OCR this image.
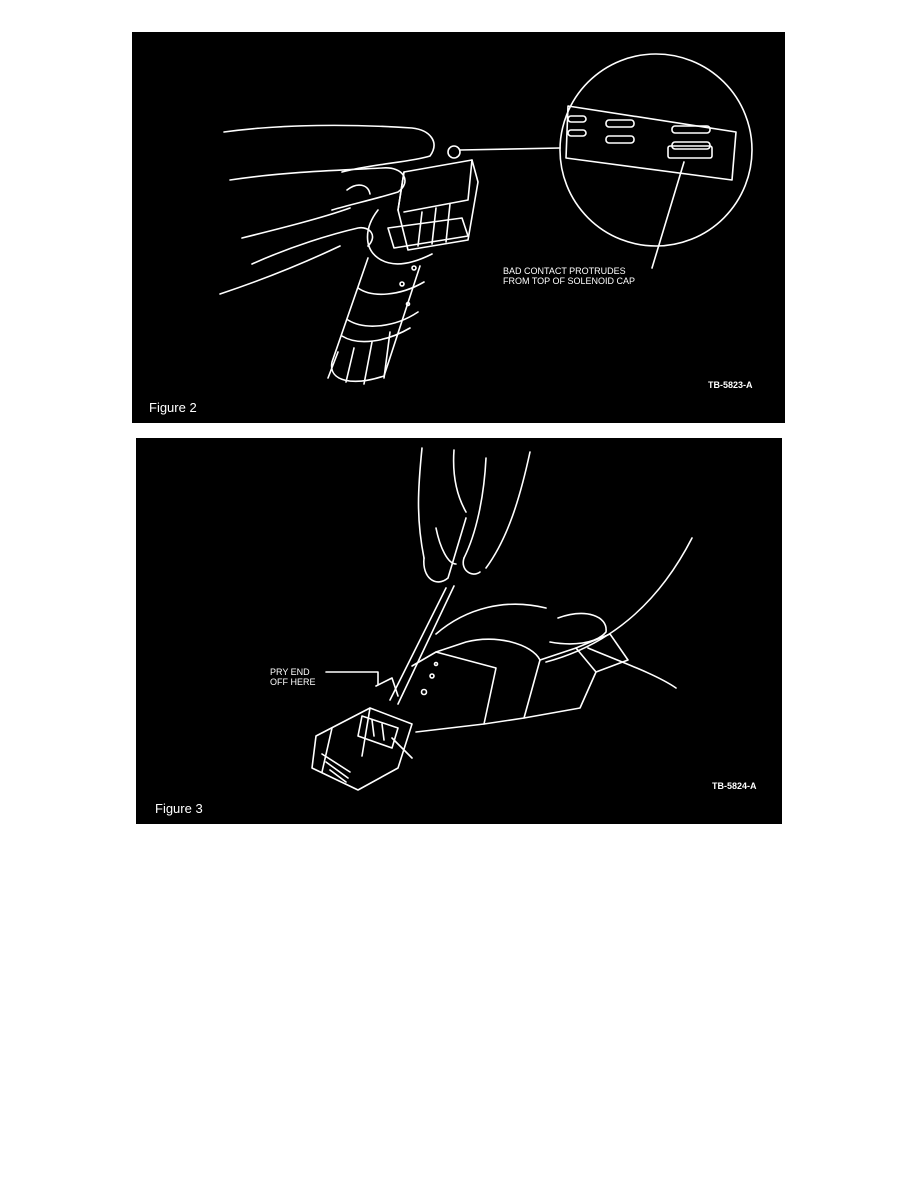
BAD CONTACT PROTRUDES
FROM TOP OF SOLENOID CAP
TB-5823-A
Figure 2
PRY END
OFF HERE
TB-5824-A
Figure 3
